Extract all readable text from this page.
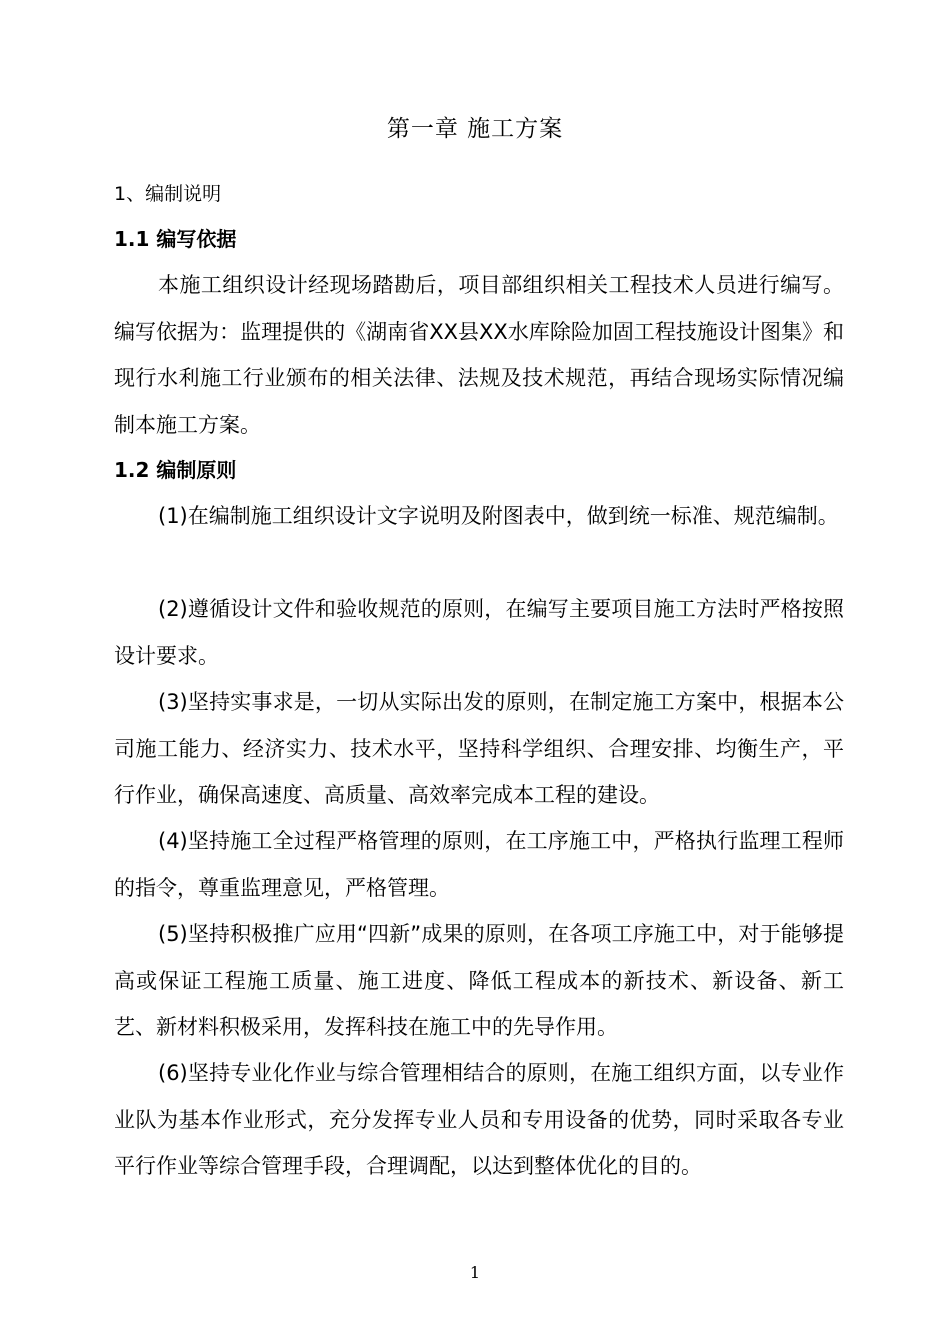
第一章 施工方案
1、编制说明
1.1 编写依据

本施工组织设计经现场踏勘后，项目部组织相关工程技术人员进行编写。编写依据为：监理提供的《湖南省XX县XX水库除险加固工程技施设计图集》和现行水利施工行业颁布的相关法律、法规及技术规范，再结合现场实际情况编制本施工方案。

1.2 编制原则

(1)在编制施工组织设计文字说明及附图表中，做到统一标准、规范编制。

(2)遵循设计文件和验收规范的原则，在编写主要项目施工方法时严格按照设计要求。

(3)坚持实事求是，一切从实际出发的原则，在制定施工方案中，根据本公司施工能力、经济实力、技术水平，坚持科学组织、合理安排、均衡生产，平行作业，确保高速度、高质量、高效率完成本工程的建设。

(4)坚持施工全过程严格管理的原则，在工序施工中，严格执行监理工程师的指令，尊重监理意见，严格管理。

(5)坚持积极推广应用“四新”成果的原则，在各项工序施工中，对于能够提高或保证工程施工质量、施工进度、降低工程成本的新技术、新设备、新工艺、新材料积极采用，发挥科技在施工中的先导作用。

(6)坚持专业化作业与综合管理相结合的原则，在施工组织方面，以专业作业队为基本作业形式，充分发挥专业人员和专用设备的优势，同时采取各专业平行作业等综合管理手段，合理调配，以达到整体优化的目的。

1
